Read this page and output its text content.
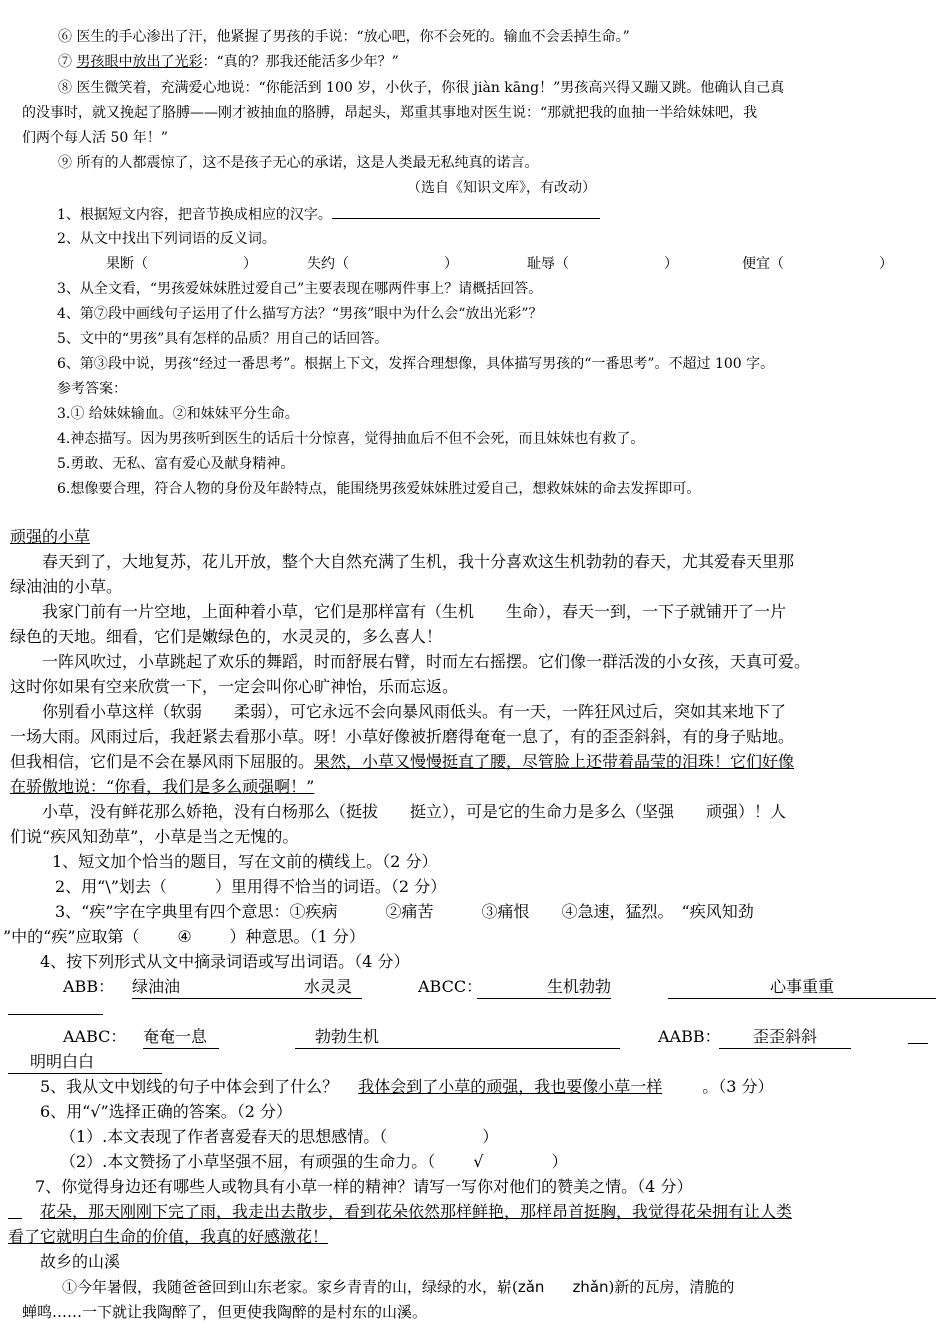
⑥ 医生的手心渗出了汗，他紧握了男孩的手说：“放心吧，你不会死的。输血不会丢掉生命。”
⑦ 男孩眼中放出了光彩：“真的？那我还能活多少年？”
⑧ 医生微笑着，充满爱心地说：“你能活到 100 岁，小伙子，你很 jiàn kāng！”男孩高兴得又蹦又跳。他确认自己真
的没事时，就又挽起了胳膊——刚才被抽血的胳膊，昂起头，郑重其事地对医生说：“那就把我的血抽一半给妹妹吧，我
们两个每人活 50 年！”
⑨ 所有的人都震惊了，这不是孩子无心的承诺，这是人类最无私纯真的诺言。
（选自《知识文库》，有改动）
1、根据短文内容，把音节换成相应的汉字。
2、从文中找出下列词语的反义词。
果断（	）	失约（	）	耻辱（	）	便宜（	）
3、从全文看，“男孩爱妹妹胜过爱自己”主要表现在哪两件事上？请概括回答。
4、第⑦段中画线句子运用了什么描写方法？“男孩”眼中为什么会“放出光彩”？
5、文中的“男孩”具有怎样的品质？用自己的话回答。
6、第③段中说，男孩“经过一番思考”。根据上下文，发挥合理想像，具体描写男孩的“一番思考”。不超过 100 字。
参考答案：
3.① 给妹妹输血。②和妹妹平分生命。
4.神态描写。因为男孩听到医生的话后十分惊喜，觉得抽血后不但不会死，而且妹妹也有救了。
5.勇敢、无私、富有爱心及献身精神。
6.想像要合理，符合人物的身份及年龄特点，能围绕男孩爱妹妹胜过爱自己，想救妹妹的命去发挥即可。
顽强的小草
春天到了，大地复苏，花儿开放，整个大自然充满了生机，我十分喜欢这生机勃勃的春天，尤其爱春天里那
绿油油的小草。
我家门前有一片空地，上面种着小草，它们是那样富有（生机　　生命），春天一到，一下子就铺开了一片
绿色的天地。细看，它们是嫩绿色的，水灵灵的，多么喜人！
一阵风吹过，小草跳起了欢乐的舞蹈，时而舒展右臂，时而左右摇摆。它们像一群活泼的小女孩，天真可爱。
这时你如果有空来欣赏一下，一定会叫你心旷神怡，乐而忘返。
你别看小草这样（软弱　　柔弱），可它永远不会向暴风雨低头。有一天，一阵狂风过后，突如其来地下了
一场大雨。风雨过后，我赶紧去看那小草。呀！小草好像被折磨得奄奄一息了，有的歪歪斜斜，有的身子贴地。
但我相信，它们是不会在暴风雨下屈服的。果然，小草又慢慢挺直了腰，尽管脸上还带着晶莹的泪珠！它们好像
在骄傲地说：“你看，我们是多么顽强啊！”
小草，没有鲜花那么娇艳，没有白杨那么（挺拔　　挺立），可是它的生命力是多么（坚强　　顽强）！人
们说“疾风知劲草”，小草是当之无愧的。
1、短文加个恰当的题目，写在文前的横线上。（2 分）
2、用“\”划去（　　　）里用得不恰当的词语。（2 分）
3、“疾”字在字典里有四个意思：①疾病　　　②痛苦　　　③痛恨　　④急速，猛烈。　“疾风知劲
”中的“疾”应取第（ ④ ）种意思。（1 分）
4、按下列形式从文中摘录词语或写出词语。（4 分）
ABB： 绿油油	水灵灵	ABCC：	生机勃勃	心事重重
AABC： 奄奄一息	勃勃生机	AABB：	歪歪斜斜
明明白白
5、我从文中划线的句子中体会到了什么？ 我体会到了小草的顽强，我也要像小草一样	。（3 分）
6、用“√”选择正确的答案。（2 分）
（1）.本文表现了作者喜爱春天的思想感情。（	）
（2）.本文赞扬了小草坚强不屈，有顽强的生命力。（ √	）
7、你觉得身边还有哪些人或物具有小草一样的精神？请写一写你对他们的赞美之情。（4 分）
花朵，那天刚刚下完了雨，我走出去散步，看到花朵依然那样鲜艳，那样昂首挺胸，我觉得花朵拥有让人类
看了它就明白生命的价值，我真的好感激花！
故乡的山溪
①今年暑假，我随爸爸回到山东老家。家乡青青的山，绿绿的水，崭(zǎn zhǎn)新的瓦房，清脆的
蝉鸣……一下就让我陶醉了，但更使我陶醉的是村东的山溪。
